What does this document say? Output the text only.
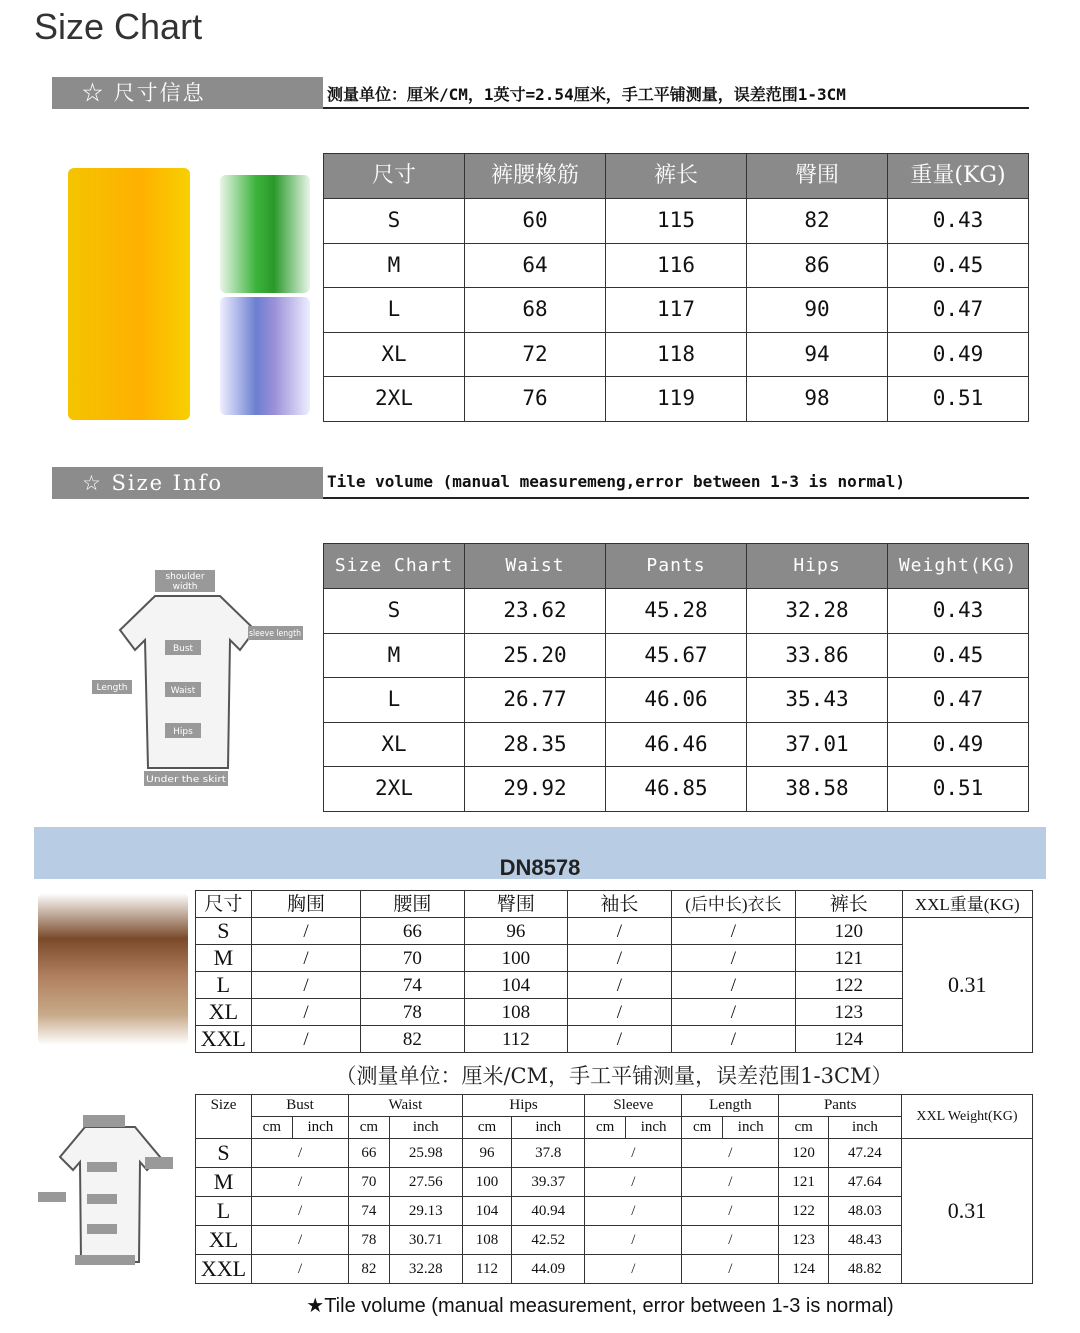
Size Chart
☆ 尺寸信息	测量单位：厘米/CM，1英寸=2.54厘米，手工平铺测量，误差范围1-3CM
尺寸	裤腰橡筋	裤长	臀围	重量(KG)
S	60	115	82	0.43
M	64	116	86	0.45
L	68	117	90	0.47
XL	72	118	94	0.49
2XL	76	119	98	0.51
☆ Size Info	Tile volume (manual measuremeng,error between 1-3 is normal)
shoulder width
sleeve length
Bust
Length	Waist
Hips
Under the skirt
Size Chart	Waist	Pants	Hips	Weight(KG)
S	23.62	45.28	32.28	0.43
M	25.20	45.67	33.86	0.45
L	26.77	46.06	35.43	0.47
XL	28.35	46.46	37.01	0.49
2XL	29.92	46.85	38.58	0.51
DN8578
尺寸	胸围	腰围	臀围	袖长	(后中长)衣长	裤长	XXL重量(KG)
S	/	66	96	/	/	120	0.31
M	/	70	100	/	/	121	
L	/	74	104	/	/	122	
XL	/	78	108	/	/	123	
XXL	/	82	112	/	/	124	
（测量单位：厘米/CM，手工平铺测量，误差范围1-3CM）
Size	Bust		Waist		Hips		Sleeve		Length		Pants		XXL Weight(KG)
	cm	inch	cm	inch	cm	inch	cm	inch	cm	inch	cm	inch	
S	/		66	25.98	96	37.8	/		/		120	47.24	0.31
M	/		70	27.56	100	39.37	/		/		121	47.64	
L	/		74	29.13	104	40.94	/		/		122	48.03	
XL	/		78	30.71	108	42.52	/		/		123	48.43	
XXL	/		82	32.28	112	44.09	/		/		124	48.82	
★Tile volume (manual measurement, error between 1-3 is normal)
